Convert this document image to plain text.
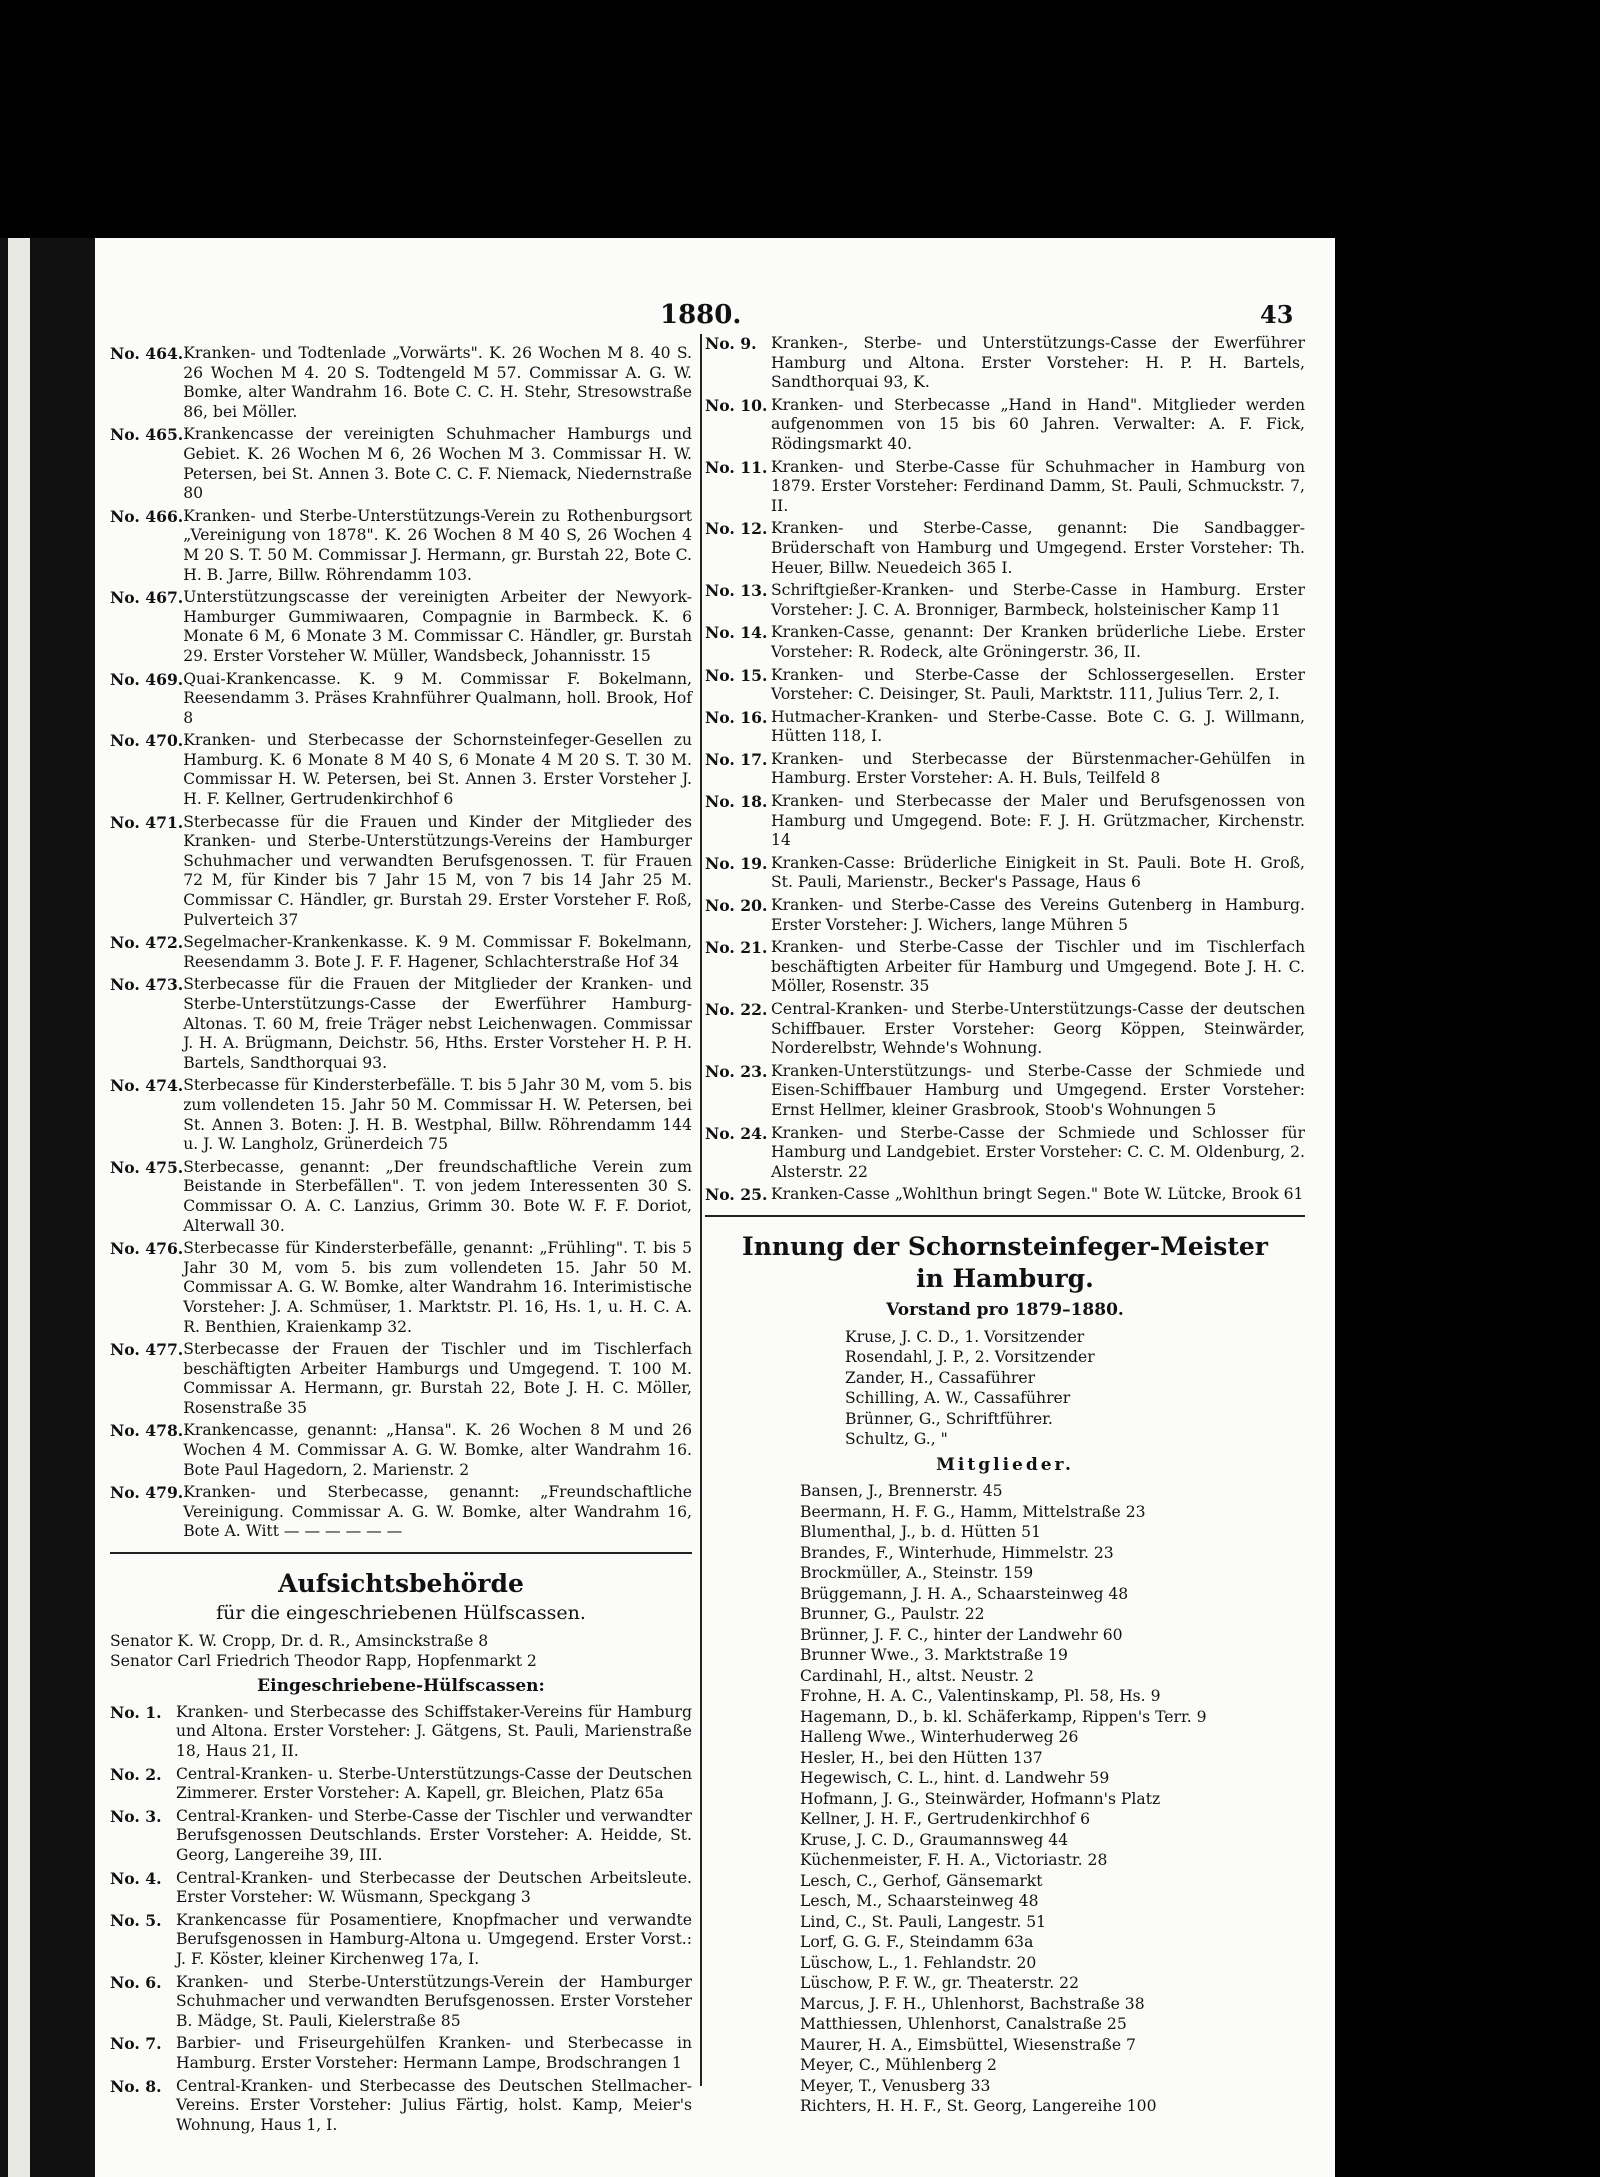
1880.	43
No. 464. Kranken- und Todtenlade „Vorwärts". K. 26 Wochen M 8. 40 S. 26 Wochen M 4. 20 S. Todtengeld M 57. Commissar A. G. W. Bomke, alter Wandrahm 16. Bote C. C. H. Stehr, Stresowstraße 86, bei Möller.
No. 465. Krankencasse der vereinigten Schuhmacher Hamburgs und Gebiet. K. 26 Wochen M 6, 26 Wochen M 3. Commissar H. W. Petersen, bei St. Annen 3. Bote C. C. F. Niemack, Niedernstraße 80
No. 466. Kranken- und Sterbe-Unterstützungs-Verein zu Rothenburgsort „Vereinigung von 1878". K. 26 Wochen 8 M 40 S, 26 Wochen 4 M 20 S. T. 50 M. Commissar J. Hermann, gr. Burstah 22, Bote C. H. B. Jarre, Billw. Röhrendamm 103.
No. 467. Unterstützungscasse der vereinigten Arbeiter der Newyork-Hamburger Gummiwaaren, Compagnie in Barmbeck. K. 6 Monate 6 M, 6 Monate 3 M. Commissar C. Händler, gr. Burstah 29. Erster Vorsteher W. Müller, Wandsbeck, Johannisstr. 15
No. 469. Quai-Krankencasse. K. 9 M. Commissar F. Bokelmann, Reesendamm 3. Präses Krahnführer Qualmann, holl. Brook, Hof 8
No. 470. Kranken- und Sterbecasse der Schornsteinfeger-Gesellen zu Hamburg. K. 6 Monate 8 M 40 S, 6 Monate 4 M 20 S. T. 30 M. Commissar H. W. Petersen, bei St. Annen 3. Erster Vorsteher J. H. F. Kellner, Gertrudenkirchhof 6
No. 471. Sterbecasse für die Frauen und Kinder der Mitglieder des Kranken- und Sterbe-Unterstützungs-Vereins der Hamburger Schuhmacher und verwandten Berufsgenossen. T. für Frauen 72 M, für Kinder bis 7 Jahr 15 M, von 7 bis 14 Jahr 25 M. Commissar C. Händler, gr. Burstah 29. Erster Vorsteher F. Roß, Pulverteich 37
No. 472. Segelmacher-Krankenkasse. K. 9 M. Commissar F. Bokelmann, Reesendamm 3. Bote J. F. F. Hagener, Schlachterstraße Hof 34
No. 473. Sterbecasse für die Frauen der Mitglieder der Kranken- und Sterbe-Unterstützungs-Casse der Ewerführer Hamburg-Altonas. T. 60 M, freie Träger nebst Leichenwagen. Commissar J. H. A. Brügmann, Deichstr. 56, Hths. Erster Vorsteher H. P. H. Bartels, Sandthorquai 93.
No. 474. Sterbecasse für Kindersterbefälle. T. bis 5 Jahr 30 M, vom 5. bis zum vollendeten 15. Jahr 50 M. Commissar H. W. Petersen, bei St. Annen 3. Boten: J. H. B. Westphal, Billw. Röhrendamm 144 u. J. W. Langholz, Grünerdeich 75
No. 475. Sterbecasse, genannt: „Der freundschaftliche Verein zum Beistande in Sterbefällen". T. von jedem Interessenten 30 S. Commissar O. A. C. Lanzius, Grimm 30. Bote W. F. F. Doriot, Alterwall 30.
No. 476. Sterbecasse für Kindersterbefälle, genannt: „Frühling". T. bis 5 Jahr 30 M, vom 5. bis zum vollendeten 15. Jahr 50 M. Commissar A. G. W. Bomke, alter Wandrahm 16. Interimistische Vorsteher: J. A. Schmüser, 1. Marktstr. Pl. 16, Hs. 1, u. H. C. A. R. Benthien, Kraienkamp 32.
No. 477. Sterbecasse der Frauen der Tischler und im Tischlerfach beschäftigten Arbeiter Hamburgs und Umgegend. T. 100 M. Commissar A. Hermann, gr. Burstah 22, Bote J. H. C. Möller, Rosenstraße 35
No. 478. Krankencasse, genannt: „Hansa". K. 26 Wochen 8 M und 26 Wochen 4 M. Commissar A. G. W. Bomke, alter Wandrahm 16. Bote Paul Hagedorn, 2. Marienstr. 2
No. 479. Kranken- und Sterbecasse, genannt: „Freundschaftliche Vereinigung. Commissar A. G. W. Bomke, alter Wandrahm 16, Bote A. Witt — — — — — —
Aufsichtsbehörde
für die eingeschriebenen Hülfscassen.
Senator K. W. Cropp, Dr. d. R., Amsinckstraße 8
Senator Carl Friedrich Theodor Rapp, Hopfenmarkt 2
Eingeschriebene-Hülfscassen:
No. 1. Kranken- und Sterbecasse des Schiffstaker-Vereins für Hamburg und Altona. Erster Vorsteher: J. Gätgens, St. Pauli, Marienstraße 18, Haus 21, II.
No. 2. Central-Kranken- u. Sterbe-Unterstützungs-Casse der Deutschen Zimmerer. Erster Vorsteher: A. Kapell, gr. Bleichen, Platz 65a
No. 3. Central-Kranken- und Sterbe-Casse der Tischler und verwandter Berufsgenossen Deutschlands. Erster Vorsteher: A. Heidde, St. Georg, Langereihe 39, III.
No. 4. Central-Kranken- und Sterbecasse der Deutschen Arbeitsleute. Erster Vorsteher: W. Wüsmann, Speckgang 3
No. 5. Krankencasse für Posamentiere, Knopfmacher und verwandte Berufsgenossen in Hamburg-Altona u. Umgegend. Erster Vorst.: J. F. Köster, kleiner Kirchenweg 17a, I.
No. 6. Kranken- und Sterbe-Unterstützungs-Verein der Hamburger Schuhmacher und verwandten Berufsgenossen. Erster Vorsteher B. Mädge, St. Pauli, Kielerstraße 85
No. 7. Barbier- und Friseurgehülfen Kranken- und Sterbecasse in Hamburg. Erster Vorsteher: Hermann Lampe, Brodschrangen 1
No. 8. Central-Kranken- und Sterbecasse des Deutschen Stellmacher-Vereins. Erster Vorsteher: Julius Färtig, holst. Kamp, Meier's Wohnung, Haus 1, I.
No. 9. Kranken-, Sterbe- und Unterstützungs-Casse der Ewerführer Hamburg und Altona. Erster Vorsteher: H. P. H. Bartels, Sandthorquai 93, K.
No. 10. Kranken- und Sterbecasse „Hand in Hand". Mitglieder werden aufgenommen von 15 bis 60 Jahren. Verwalter: A. F. Fick, Rödingsmarkt 40.
No. 11. Kranken- und Sterbe-Casse für Schuhmacher in Hamburg von 1879. Erster Vorsteher: Ferdinand Damm, St. Pauli, Schmuckstr. 7, II.
No. 12. Kranken- und Sterbe-Casse, genannt: Die Sandbagger-Brüderschaft von Hamburg und Umgegend. Erster Vorsteher: Th. Heuer, Billw. Neuedeich 365 I.
No. 13. Schriftgießer-Kranken- und Sterbe-Casse in Hamburg. Erster Vorsteher: J. C. A. Bronniger, Barmbeck, holsteinischer Kamp 11
No. 14. Kranken-Casse, genannt: Der Kranken brüderliche Liebe. Erster Vorsteher: R. Rodeck, alte Gröningerstr. 36, II.
No. 15. Kranken- und Sterbe-Casse der Schlossergesellen. Erster Vorsteher: C. Deisinger, St. Pauli, Marktstr. 111, Julius Terr. 2, I.
No. 16. Hutmacher-Kranken- und Sterbe-Casse. Bote C. G. J. Willmann, Hütten 118, I.
No. 17. Kranken- und Sterbecasse der Bürstenmacher-Gehülfen in Hamburg. Erster Vorsteher: A. H. Buls, Teilfeld 8
No. 18. Kranken- und Sterbecasse der Maler und Berufsgenossen von Hamburg und Umgegend. Bote: F. J. H. Grützmacher, Kirchenstr. 14
No. 19. Kranken-Casse: Brüderliche Einigkeit in St. Pauli. Bote H. Groß, St. Pauli, Marienstr., Becker's Passage, Haus 6
No. 20. Kranken- und Sterbe-Casse des Vereins Gutenberg in Hamburg. Erster Vorsteher: J. Wichers, lange Mühren 5
No. 21. Kranken- und Sterbe-Casse der Tischler und im Tischlerfach beschäftigten Arbeiter für Hamburg und Umgegend. Bote J. H. C. Möller, Rosenstr. 35
No. 22. Central-Kranken- und Sterbe-Unterstützungs-Casse der deutschen Schiffbauer. Erster Vorsteher: Georg Köppen, Steinwärder, Norderelbstr, Wehnde's Wohnung.
No. 23. Kranken-Unterstützungs- und Sterbe-Casse der Schmiede und Eisen-Schiffbauer Hamburg und Umgegend. Erster Vorsteher: Ernst Hellmer, kleiner Grasbrook, Stoob's Wohnungen 5
No. 24. Kranken- und Sterbe-Casse der Schmiede und Schlosser für Hamburg und Landgebiet. Erster Vorsteher: C. C. M. Oldenburg, 2. Alsterstr. 22
No. 25. Kranken-Casse „Wohlthun bringt Segen." Bote W. Lütcke, Brook 61
Innung der Schornsteinfeger-Meister
in Hamburg.
Vorstand pro 1879–1880.
Kruse, J. C. D., 1. Vorsitzender
Rosendahl, J. P., 2. Vorsitzender
Zander, H., Cassaführer
Schilling, A. W., Cassaführer
Brünner, G., Schriftführer.
Schultz, G., "
Mitglieder.
Bansen, J., Brennerstr. 45
Beermann, H. F. G., Hamm, Mittelstraße 23
Blumenthal, J., b. d. Hütten 51
Brandes, F., Winterhude, Himmelstr. 23
Brockmüller, A., Steinstr. 159
Brüggemann, J. H. A., Schaarsteinweg 48
Brunner, G., Paulstr. 22
Brünner, J. F. C., hinter der Landwehr 60
Brunner Wwe., 3. Marktstraße 19
Cardinahl, H., altst. Neustr. 2
Frohne, H. A. C., Valentinskamp, Pl. 58, Hs. 9
Hagemann, D., b. kl. Schäferkamp, Rippen's Terr. 9
Halleng Wwe., Winterhuderweg 26
Hesler, H., bei den Hütten 137
Hegewisch, C. L., hint. d. Landwehr 59
Hofmann, J. G., Steinwärder, Hofmann's Platz
Kellner, J. H. F., Gertrudenkirchhof 6
Kruse, J. C. D., Graumannsweg 44
Küchenmeister, F. H. A., Victoriastr. 28
Lesch, C., Gerhof, Gänsemarkt
Lesch, M., Schaarsteinweg 48
Lind, C., St. Pauli, Langestr. 51
Lorf, G. G. F., Steindamm 63a
Lüschow, L., 1. Fehlandstr. 20
Lüschow, P. F. W., gr. Theaterstr. 22
Marcus, J. F. H., Uhlenhorst, Bachstraße 38
Matthiessen, Uhlenhorst, Canalstraße 25
Maurer, H. A., Eimsbüttel, Wiesenstraße 7
Meyer, C., Mühlenberg 2
Meyer, T., Venusberg 33
Richters, H. H. F., St. Georg, Langereihe 100
